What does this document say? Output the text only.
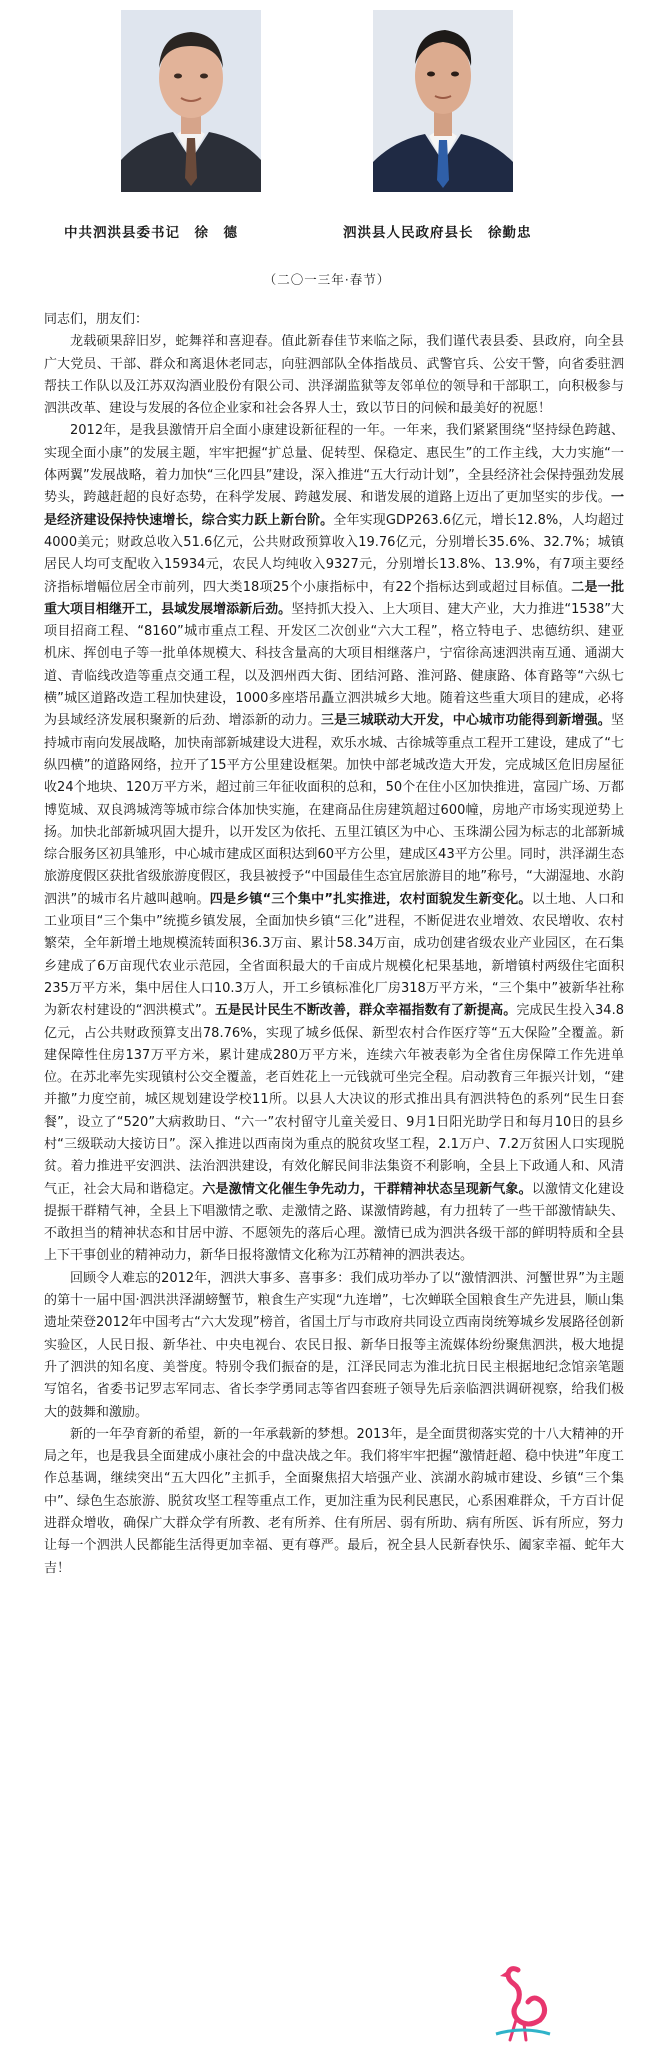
中共泗洪县委书记　徐　德	泗洪县人民政府县长　徐勤忠
（二〇一三年·春节）

同志们，朋友们：

龙载硕果辞旧岁，蛇舞祥和喜迎春。值此新春佳节来临之际，我们谨代表县委、县政府，向全县广大党员、干部、群众和离退休老同志，向驻泗部队全体指战员、武警官兵、公安干警，向省委驻泗帮扶工作队以及江苏双沟酒业股份有限公司、洪泽湖监狱等友邻单位的领导和干部职工，向积极参与泗洪改革、建设与发展的各位企业家和社会各界人士，致以节日的问候和最美好的祝愿！

2012年，是我县激情开启全面小康建设新征程的一年。一年来，我们紧紧围绕“坚持绿色跨越、实现全面小康”的发展主题，牢牢把握“扩总量、促转型、保稳定、惠民生”的工作主线，大力实施“一体两翼”发展战略，着力加快“三化四县”建设，深入推进“五大行动计划”，全县经济社会保持强劲发展势头，跨越赶超的良好态势，在科学发展、跨越发展、和谐发展的道路上迈出了更加坚实的步伐。一是经济建设保持快速增长，综合实力跃上新台阶。全年实现GDP263.6亿元，增长12.8%，人均超过4000美元；财政总收入51.6亿元，公共财政预算收入19.76亿元，分别增长35.6%、32.7%；城镇居民人均可支配收入15934元，农民人均纯收入9327元，分别增长13.8%、13.9%，有7项主要经济指标增幅位居全市前列，四大类18项25个小康指标中，有22个指标达到或超过目标值。二是一批重大项目相继开工，县域发展增添新后劲。坚持抓大投入、上大项目、建大产业，大力推进“1538”大项目招商工程、“8160”城市重点工程、开发区二次创业“六大工程”，格立特电子、忠德纺织、建亚机床、挥创电子等一批单体规模大、科技含量高的大项目相继落户，宁宿徐高速泗洪南互通、通湖大道、青临线改造等重点交通工程，以及泗州西大街、团结河路、淮河路、健康路、体育路等“六纵七横”城区道路改造工程加快建设，1000多座塔吊矗立泗洪城乡大地。随着这些重大项目的建成，必将为县域经济发展积聚新的后劲、增添新的动力。三是三城联动大开发，中心城市功能得到新增强。坚持城市南向发展战略，加快南部新城建设大进程，欢乐水城、古徐城等重点工程开工建设，建成了“七纵四横”的道路网络，拉开了15平方公里建设框架。加快中部老城改造大开发，完成城区危旧房屋征收24个地块、120万平方米，超过前三年征收面积的总和，50个在住小区加快推进，富园广场、万都博览城、双良鸿城湾等城市综合体加快实施，在建商品住房建筑超过600幢，房地产市场实现逆势上扬。加快北部新城巩固大提升，以开发区为依托、五里江镇区为中心、玉珠湖公园为标志的北部新城综合服务区初具雏形，中心城市建成区面积达到60平方公里，建成区43平方公里。同时，洪泽湖生态旅游度假区获批省级旅游度假区，我县被授予“中国最佳生态宜居旅游目的地”称号，“大湖湿地、水韵泗洪”的城市名片越叫越响。四是乡镇“三个集中”扎实推进，农村面貌发生新变化。以土地、人口和工业项目“三个集中”统揽乡镇发展，全面加快乡镇“三化”进程，不断促进农业增效、农民增收、农村繁荣，全年新增土地规模流转面积36.3万亩、累计58.34万亩，成功创建省级农业产业园区，在石集乡建成了6万亩现代农业示范园，全省面积最大的千亩成片规模化杞果基地，新增镇村两级住宅面积235万平方米，集中居住人口10.3万人，开工乡镇标准化厂房318万平方米，“三个集中”被新华社称为新农村建设的“泗洪模式”。五是民计民生不断改善，群众幸福指数有了新提高。完成民生投入34.8亿元，占公共财政预算支出78.76%，实现了城乡低保、新型农村合作医疗等“五大保险”全覆盖。新建保障性住房137万平方米，累计建成280万平方米，连续六年被表彰为全省住房保障工作先进单位。在苏北率先实现镇村公交全覆盖，老百姓花上一元钱就可坐完全程。启动教育三年振兴计划，“建并撤”力度空前，城区规划建设学校11所。以县人大决议的形式推出具有泗洪特色的系列“民生日套餐”，设立了“520”大病救助日、“六一”农村留守儿童关爱日、9月1日阳光助学日和每月10日的县乡村“三级联动大接访日”。深入推进以西南岗为重点的脱贫攻坚工程，2.1万户、7.2万贫困人口实现脱贫。着力推进平安泗洪、法治泗洪建设，有效化解民间非法集资不利影响，全县上下政通人和、风清气正，社会大局和谐稳定。六是激情文化催生争先动力，干群精神状态呈现新气象。以激情文化建设提振干群精气神，全县上下唱激情之歌、走激情之路、谋激情跨越，有力扭转了一些干部激情缺失、不敢担当的精神状态和甘居中游、不愿领先的落后心理。激情已成为泗洪各级干部的鲜明特质和全县上下干事创业的精神动力，新华日报将激情文化称为江苏精神的泗洪表达。

回顾令人难忘的2012年，泗洪大事多、喜事多：我们成功举办了以“激情泗洪、河蟹世界”为主题的第十一届中国·泗洪洪泽湖螃蟹节，粮食生产实现“九连增”，七次蝉联全国粮食生产先进县，顺山集遗址荣登2012年中国考古“六大发现”榜首，省国土厅与市政府共同设立西南岗统筹城乡发展路径创新实验区，人民日报、新华社、中央电视台、农民日报、新华日报等主流媒体纷纷聚焦泗洪，极大地提升了泗洪的知名度、美誉度。特别令我们振奋的是，江泽民同志为淮北抗日民主根据地纪念馆亲笔题写馆名，省委书记罗志军同志、省长李学勇同志等省四套班子领导先后亲临泗洪调研视察，给我们极大的鼓舞和激励。

新的一年孕育新的希望，新的一年承载新的梦想。2013年，是全面贯彻落实党的十八大精神的开局之年，也是我县全面建成小康社会的中盘决战之年。我们将牢牢把握“激情赶超、稳中快进”年度工作总基调，继续突出“五大四化”主抓手，全面聚焦招大培强产业、滨湖水韵城市建设、乡镇“三个集中”、绿色生态旅游、脱贫攻坚工程等重点工作，更加注重为民利民惠民，心系困难群众，千方百计促进群众增收，确保广大群众学有所教、老有所养、住有所居、弱有所助、病有所医、诉有所应，努力让每一个泗洪人民都能生活得更加幸福、更有尊严。最后，祝全县人民新春快乐、阖家幸福、蛇年大吉！
